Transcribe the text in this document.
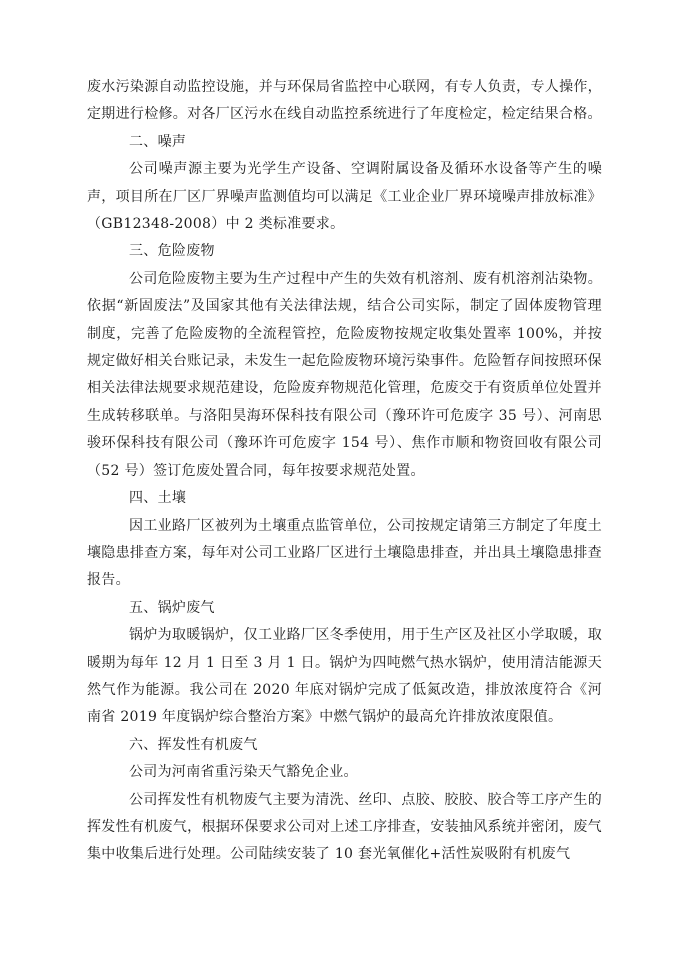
废水污染源自动监控设施，并与环保局省监控中心联网，有专人负责，专人操作，定期进行检修。对各厂区污水在线自动监控系统进行了年度检定，检定结果合格。

二、噪声

公司噪声源主要为光学生产设备、空调附属设备及循环水设备等产生的噪声，项目所在厂区厂界噪声监测值均可以满足《工业企业厂界环境噪声排放标准》（GB12348-2008）中 2 类标准要求。

三、危险废物

公司危险废物主要为生产过程中产生的失效有机溶剂、废有机溶剂沾染物。依据“新固废法”及国家其他有关法律法规，结合公司实际，制定了固体废物管理制度，完善了危险废物的全流程管控，危险废物按规定收集处置率 100%，并按规定做好相关台账记录，未发生一起危险废物环境污染事件。危险暂存间按照环保相关法律法规要求规范建设，危险废弃物规范化管理，危废交于有资质单位处置并生成转移联单。与洛阳昊海环保科技有限公司（豫环许可危废字 35 号）、河南思骏环保科技有限公司（豫环许可危废字 154 号）、焦作市顺和物资回收有限公司（52 号）签订危废处置合同，每年按要求规范处置。

四、土壤

因工业路厂区被列为土壤重点监管单位，公司按规定请第三方制定了年度土壤隐患排查方案，每年对公司工业路厂区进行土壤隐患排查，并出具土壤隐患排查报告。

五、锅炉废气

锅炉为取暖锅炉，仅工业路厂区冬季使用，用于生产区及社区小学取暖，取暖期为每年 12 月 1 日至 3 月 1 日。锅炉为四吨燃气热水锅炉，使用清洁能源天然气作为能源。我公司在 2020 年底对锅炉完成了低氮改造，排放浓度符合《河南省 2019 年度锅炉综合整治方案》中燃气锅炉的最高允许排放浓度限值。

六、挥发性有机废气

公司为河南省重污染天气豁免企业。

公司挥发性有机物废气主要为清洗、丝印、点胶、胶胶、胶合等工序产生的挥发性有机废气，根据环保要求公司对上述工序排查，安装抽风系统并密闭，废气集中收集后进行处理。公司陆续安装了 10 套光氧催化+活性炭吸附有机废气
